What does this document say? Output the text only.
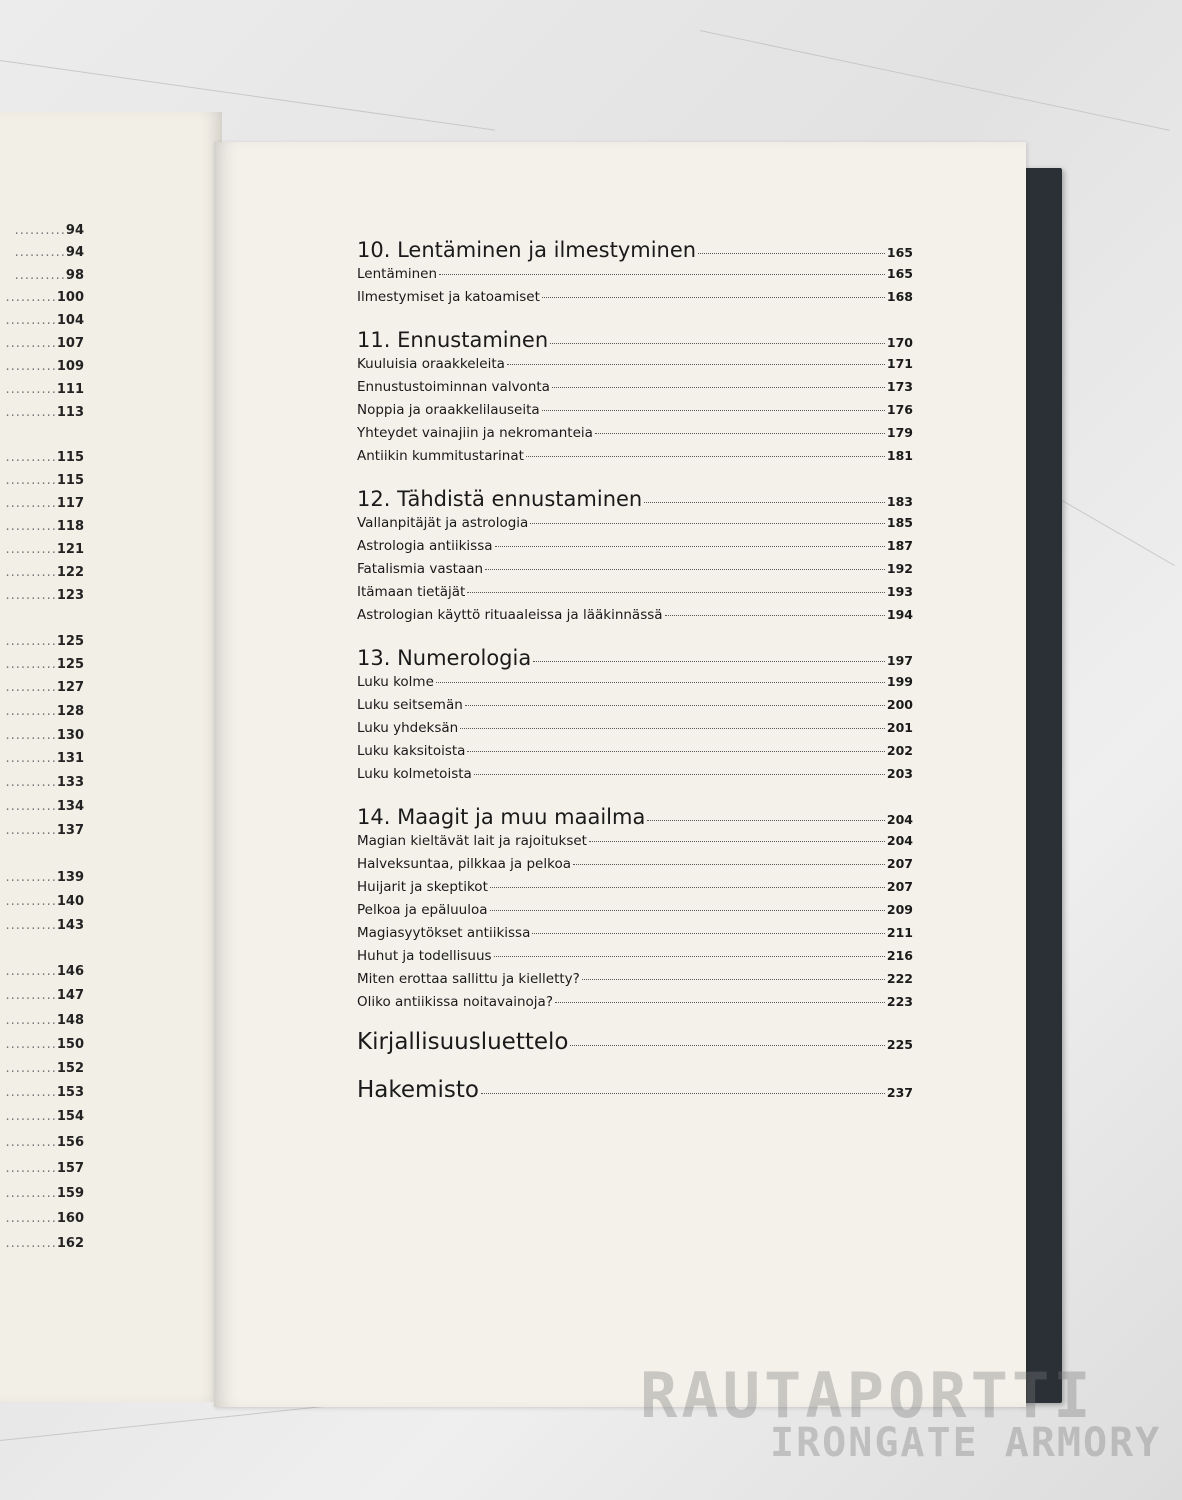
..........94
..........94
..........98
..........100
..........104
..........107
..........109
..........111
..........113
..........115
..........115
..........117
..........118
..........121
..........122
..........123
..........125
..........125
..........127
..........128
..........130
..........131
..........133
..........134
..........137
..........139
..........140
..........143
..........146
..........147
..........148
..........150
..........152
..........153
..........154
..........156
..........157
..........159
..........160
..........162
10. Lentäminen ja ilmestyminen	165
Lentäminen	165
Ilmestymiset ja katoamiset	168
11. Ennustaminen	170
Kuuluisia oraakkeleita	171
Ennustustoiminnan valvonta	173
Noppia ja oraakkelilauseita	176
Yhteydet vainajiin ja nekromanteia	179
Antiikin kummitustarinat	181
12. Tähdistä ennustaminen	183
Vallanpitäjät ja astrologia	185
Astrologia antiikissa	187
Fatalismia vastaan	192
Itämaan tietäjät	193
Astrologian käyttö rituaaleissa ja lääkinnässä	194
13. Numerologia	197
Luku kolme	199
Luku seitsemän	200
Luku yhdeksän	201
Luku kaksitoista	202
Luku kolmetoista	203
14. Maagit ja muu maailma	204
Magian kieltävät lait ja rajoitukset	204
Halveksuntaa, pilkkaa ja pelkoa	207
Huijarit ja skeptikot	207
Pelkoa ja epäluuloa	209
Magiasyytökset antiikissa	211
Huhut ja todellisuus	216
Miten erottaa sallittu ja kielletty?	222
Oliko antiikissa noitavainoja?	223
Kirjallisuusluettelo	225
Hakemisto	237
RAUTAPORTTI
IRONGATE ARMORY
